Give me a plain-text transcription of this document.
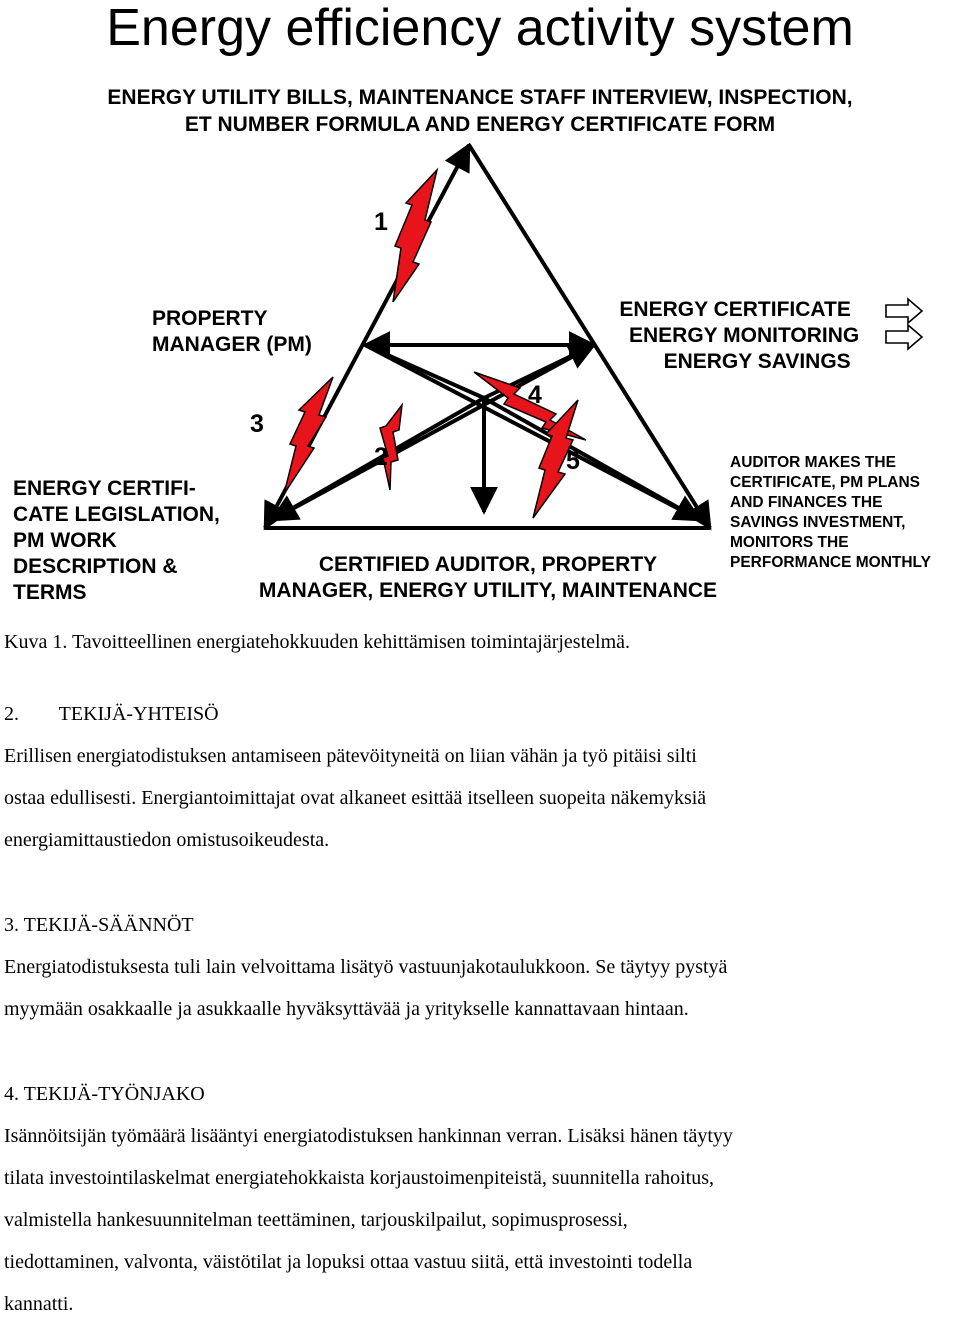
Energy efficiency activity system
ENERGY UTILITY BILLS, MAINTENANCE STAFF INTERVIEW, INSPECTION,
ET NUMBER FORMULA AND ENERGY CERTIFICATE FORM
PROPERTY
MANAGER (PM)
ENERGY CERTIFICATE
ENERGY MONITORING
ENERGY SAVINGS
ENERGY CERTIFI-
CATE LEGISLATION,
PM WORK
DESCRIPTION &
TERMS
CERTIFIED AUDITOR, PROPERTY
MANAGER, ENERGY UTILITY, MAINTENANCE
AUDITOR MAKES THE
CERTIFICATE, PM PLANS
AND FINANCES THE
SAVINGS INVESTMENT,
MONITORS THE
PERFORMANCE MONTHLY
1
2
3
4
5
Kuva 1. Tavoitteellinen energiatehokkuuden kehittämisen toimintajärjestelmä.
2.        TEKIJÄ-YHTEISÖ
Erillisen energiatodistuksen antamiseen pätevöityneitä on liian vähän ja työ pitäisi silti
ostaa edullisesti. Energiantoimittajat ovat alkaneet esittää itselleen suopeita näkemyksiä
energiamittaustiedon omistusoikeudesta.
3. TEKIJÄ-SÄÄNNÖT
Energiatodistuksesta tuli lain velvoittama lisätyö vastuunjakotaulukkoon. Se täytyy pystyä
myymään osakkaalle ja asukkaalle hyväksyttävää ja yritykselle kannattavaan hintaan.
4. TEKIJÄ-TYÖNJAKO
Isännöitsijän työmäärä lisääntyi energiatodistuksen hankinnan verran. Lisäksi hänen täytyy
tilata investointilaskelmat energiatehokkaista korjaustoimenpiteistä, suunnitella rahoitus,
valmistella hankesuunnitelman teettäminen, tarjouskilpailut, sopimusprosessi,
tiedottaminen, valvonta, väistötilat ja lopuksi ottaa vastuu siitä, että investointi todella
kannatti.
